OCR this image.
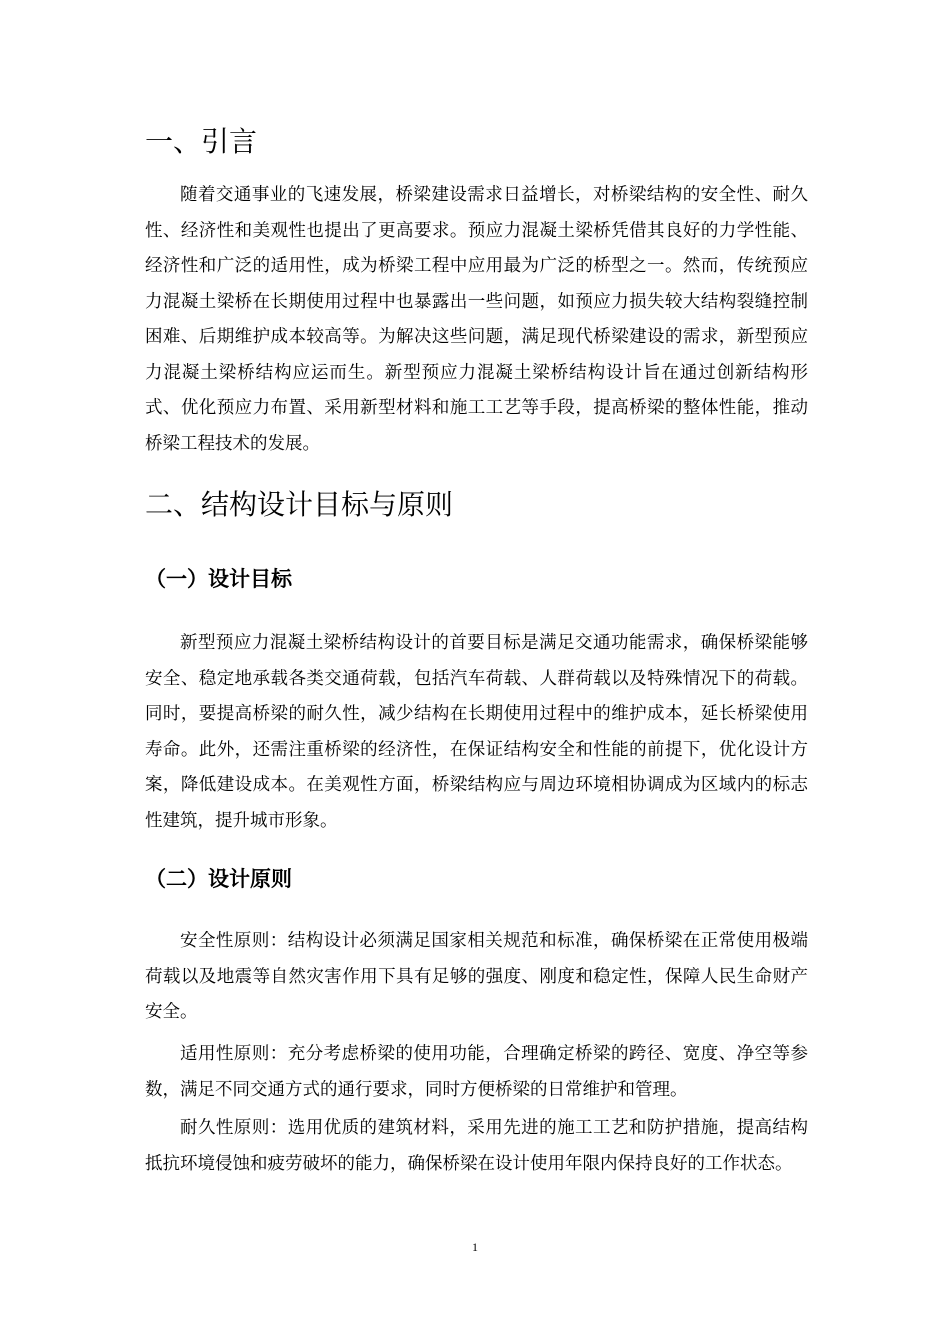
一、引言

随着交通事业的飞速发展，桥梁建设需求日益增长，对桥梁结构的安全性、耐久性、经济性和美观性也提出了更高要求。预应力混凝土梁桥凭借其良好的力学性能、经济性和广泛的适用性，成为桥梁工程中应用最为广泛的桥型之一。然而，传统预应力混凝土梁桥在长期使用过程中也暴露出一些问题，如预应力损失较大结构裂缝控制困难、后期维护成本较高等。为解决这些问题，满足现代桥梁建设的需求，新型预应力混凝土梁桥结构应运而生。新型预应力混凝土梁桥结构设计旨在通过创新结构形式、优化预应力布置、采用新型材料和施工工艺等手段，提高桥梁的整体性能，推动桥梁工程技术的发展。

二、结构设计目标与原则
（一）设计目标

新型预应力混凝土梁桥结构设计的首要目标是满足交通功能需求，确保桥梁能够安全、稳定地承载各类交通荷载，包括汽车荷载、人群荷载以及特殊情况下的荷载。同时，要提高桥梁的耐久性，减少结构在长期使用过程中的维护成本，延长桥梁使用寿命。此外，还需注重桥梁的经济性，在保证结构安全和性能的前提下，优化设计方案，降低建设成本。在美观性方面，桥梁结构应与周边环境相协调成为区域内的标志性建筑，提升城市形象。

（二）设计原则

安全性原则：结构设计必须满足国家相关规范和标准，确保桥梁在正常使用极端荷载以及地震等自然灾害作用下具有足够的强度、刚度和稳定性，保障人民生命财产安全。

适用性原则：充分考虑桥梁的使用功能，合理确定桥梁的跨径、宽度、净空等参数，满足不同交通方式的通行要求，同时方便桥梁的日常维护和管理。

耐久性原则：选用优质的建筑材料，采用先进的施工工艺和防护措施，提高结构抵抗环境侵蚀和疲劳破坏的能力，确保桥梁在设计使用年限内保持良好的工作状态。

1
